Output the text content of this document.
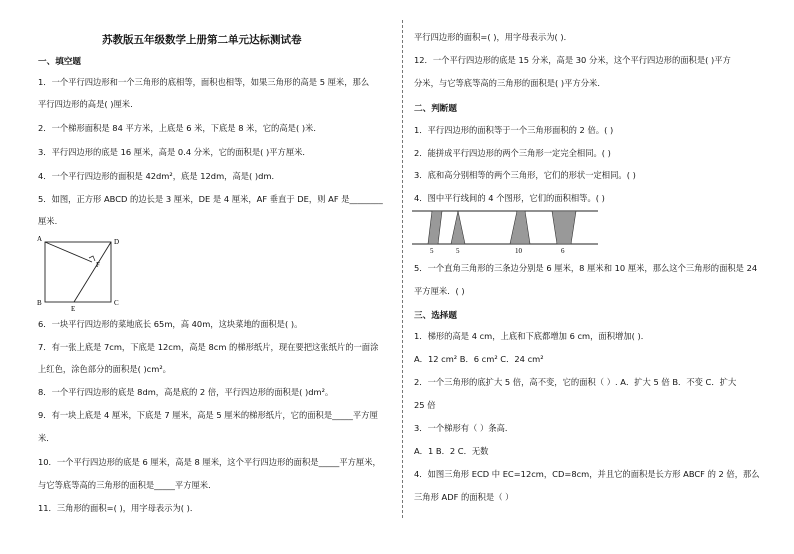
苏教版五年级数学上册第二单元达标测试卷
一、填空题
1．一个平行四边形和一个三角形的底相等，面积也相等，如果三角形的高是 5 厘米，那么
平行四边形的高是( )厘米.
2．一个梯形面积是 84 平方米，上底是 6 米，下底是 8 米，它的高是( )米．
3．平行四边形的底是 16 厘米，高是 0.4 分米，它的面积是( )平方厘米．
4．一个平行四边形的面积是 42dm²，底是 12dm，高是( )dm．
5．如图，正方形 ABCD 的边长是 3 厘米，DE 是 4 厘米，AF 垂直于 DE，则 AF 是________
厘米.
A	D
F
B
E
C
6．一块平行四边形的菜地底长 65m，高 40m，这块菜地的面积是( )。
7．有一张上底是 7cm，下底是 12cm，高是 8cm 的梯形纸片，现在要把这张纸片的一面涂
上红色，涂色部分的面积是( )cm²。
8．一个平行四边形的底是 8dm，高是底的 2 倍，平行四边形的面积是( )dm²。
9．有一块上底是 4 厘米，下底是 7 厘米，高是 5 厘米的梯形纸片，它的面积是_____平方厘
米．
10．一个平行四边形的底是 6 厘米，高是 8 厘米，这个平行四边形的面积是_____平方厘米，
与它等底等高的三角形的面积是_____平方厘米．
11．三角形的面积=( )，用字母表示为( )．
平行四边形的面积=( )，用字母表示为( )．
12．一个平行四边形的底是 15 分米，高是 30 分米，这个平行四边形的面积是( )平方
分米，与它等底等高的三角形的面积是( )平方分米．
二、判断题
1．平行四边形的面积等于一个三角形面积的 2 倍。( )
2．能拼成平行四边形的两个三角形一定完全相同。( )
3．底和高分别相等的两个三角形，它们的形状一定相同。( )
4．图中平行线间的 4 个图形，它们的面积相等。( )
5	5	10	6
5．一个直角三角形的三条边分别是 6 厘米，8 厘米和 10 厘米，那么这个三角形的面积是 24
平方厘米．( )
三、选择题
1．梯形的高是 4 cm，上底和下底都增加 6 cm，面积增加( )．
A．12 cm² B．6 cm² C．24 cm²
2．一个三角形的底扩大 5 倍，高不变，它的面积（ ）. A．扩大 5 倍 B．不变 C．扩大
25 倍
3．一个梯形有（ ）条高．
A．1 B．2 C．无数
4．如图三角形 ECD 中 EC=12cm，CD=8cm，并且它的面积是长方形 ABCF 的 2 倍，那么
三角形 ADF 的面积是（ ）
